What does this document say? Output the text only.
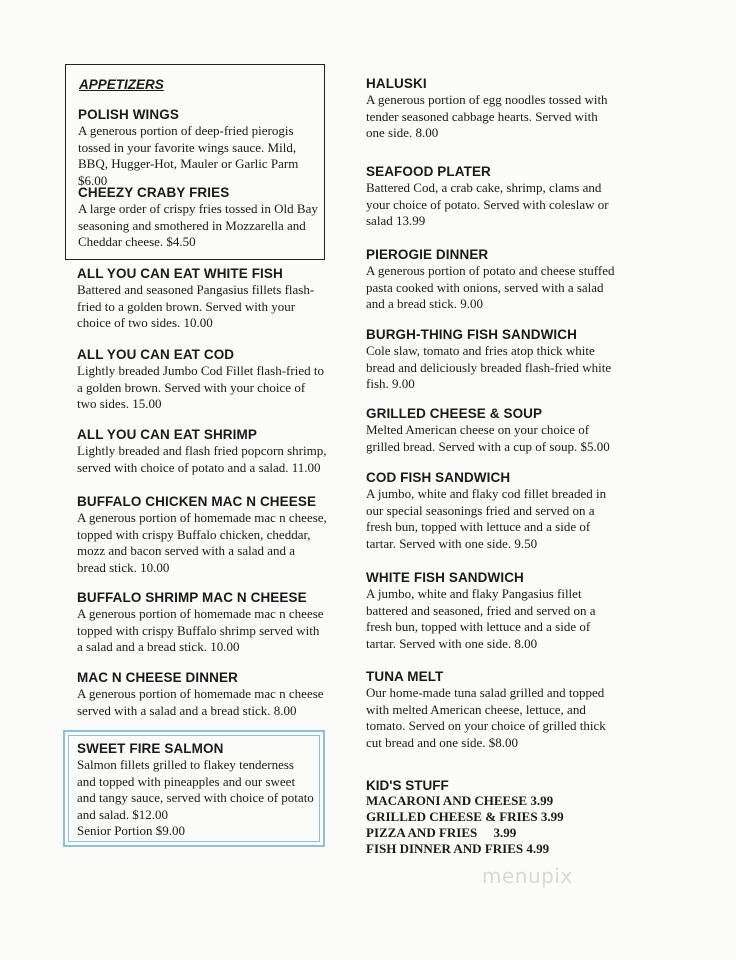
APPETIZERS

POLISH WINGS

A generous portion of deep-fried pierogis tossed in your favorite wings sauce. Mild, BBQ, Hugger-Hot, Mauler or Garlic Parm $6.00

CHEEZY CRABY FRIES

A large order of crispy fries tossed in Old Bay seasoning and smothered in Mozzarella and Cheddar cheese. $4.50

ALL YOU CAN EAT WHITE FISH

Battered and seasoned Pangasius fillets flash-fried to a golden brown. Served with your choice of two sides. 10.00

ALL YOU CAN EAT COD

Lightly breaded Jumbo Cod Fillet flash-fried to a golden brown. Served with your choice of two sides. 15.00

ALL YOU CAN EAT SHRIMP

Lightly breaded and flash fried popcorn shrimp, served with choice of potato and a salad. 11.00

BUFFALO CHICKEN MAC N CHEESE

A generous portion of homemade mac n cheese, topped with crispy Buffalo chicken, cheddar, mozz and bacon served with a salad and a bread stick. 10.00

BUFFALO SHRIMP MAC N CHEESE

A generous portion of homemade mac n cheese topped with crispy Buffalo shrimp served with a salad and a bread stick. 10.00

MAC N CHEESE DINNER

A generous portion of homemade mac n cheese served with a salad and a bread stick. 8.00

SWEET FIRE SALMON

Salmon fillets grilled to flakey tenderness and topped with pineapples and our sweet and tangy sauce, served with choice of potato and salad. $12.00

Senior Portion $9.00

HALUSKI

A generous portion of egg noodles tossed with tender seasoned cabbage hearts. Served with one side. 8.00

SEAFOOD PLATER

Battered Cod, a crab cake, shrimp, clams and your choice of potato. Served with coleslaw or salad 13.99

PIEROGIE DINNER

A generous portion of potato and cheese stuffed pasta cooked with onions, served with a salad and a bread stick. 9.00

BURGH-THING FISH SANDWICH

Cole slaw, tomato and fries atop thick white bread and deliciously breaded flash-fried white fish. 9.00

GRILLED CHEESE & SOUP

Melted American cheese on your choice of grilled bread. Served with a cup of soup. $5.00

COD FISH SANDWICH

A jumbo, white and flaky cod fillet breaded in our special seasonings fried and served on a fresh bun, topped with lettuce and a side of tartar. Served with one side. 9.50

WHITE FISH SANDWICH

A jumbo, white and flaky Pangasius fillet battered and seasoned, fried and served on a fresh bun, topped with lettuce and a side of tartar. Served with one side. 8.00

TUNA MELT

Our home-made tuna salad grilled and topped with melted American cheese, lettuce, and tomato. Served on your choice of grilled thick cut bread and one side. $8.00

KID'S STUFF

MACARONI AND CHEESE 3.99
GRILLED CHEESE & FRIES 3.99
PIZZA AND FRIES     3.99
FISH DINNER AND FRIES 4.99
menupix
